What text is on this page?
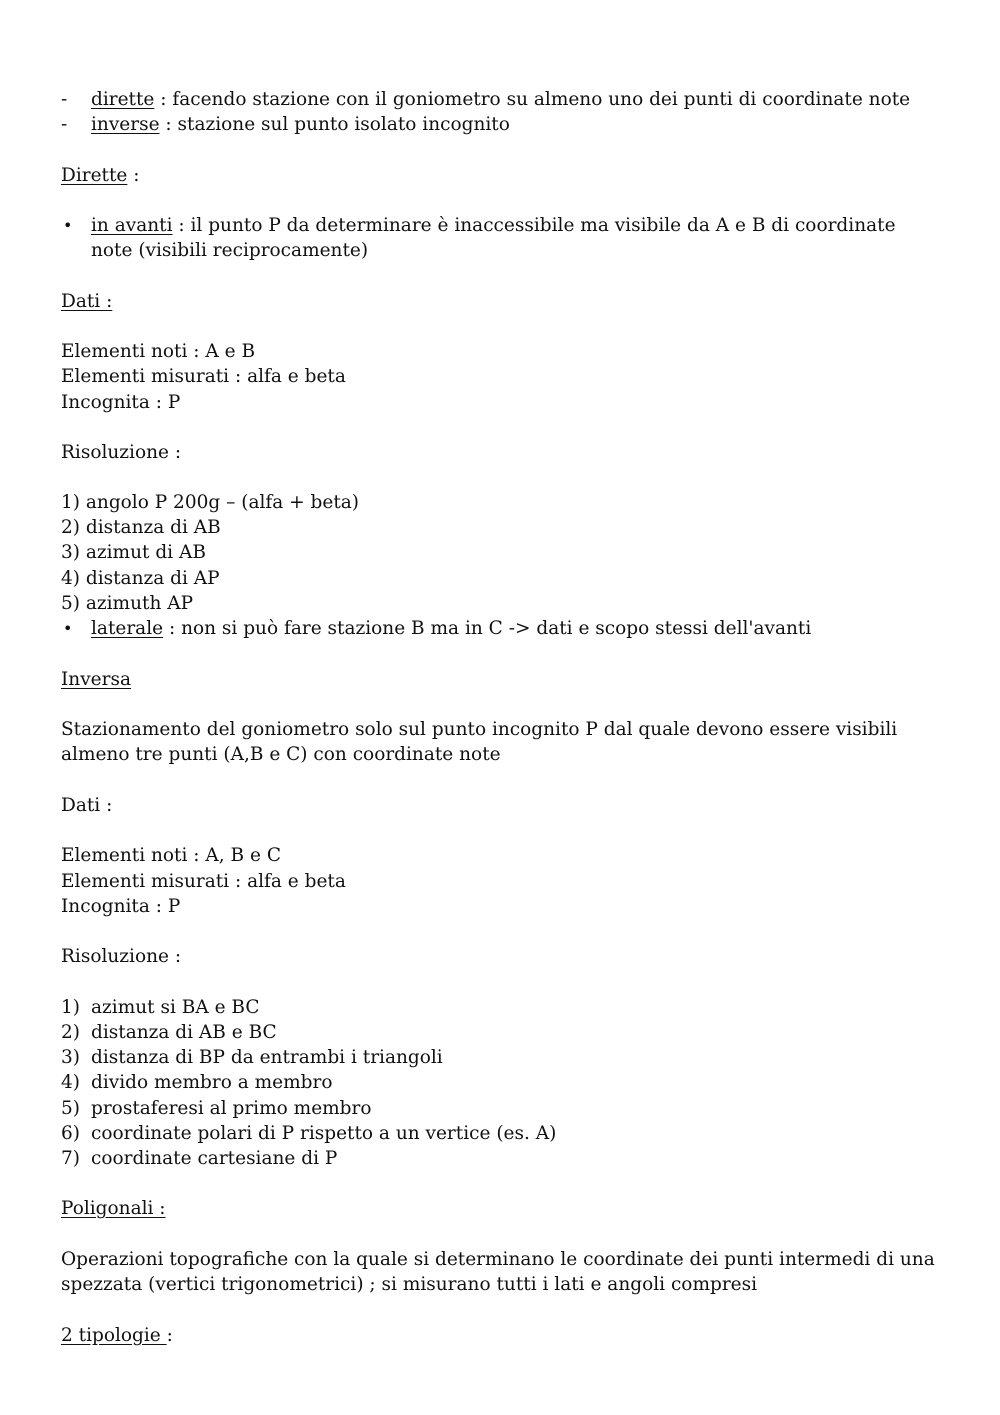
- dirette : facendo stazione con il goniometro su almeno uno dei punti di coordinate note
- inverse : stazione sul punto isolato incognito
Dirette :
• in avanti : il punto P da determinare è inaccessibile ma visibile da A e B di coordinate
note (visibili reciprocamente)
Dati :
Elementi noti : A e B
Elementi misurati : alfa e beta
Incognita : P
Risoluzione :
1) angolo P 200g – (alfa + beta)
2) distanza di AB
3) azimut di AB
4) distanza di AP
5) azimuth AP
• laterale : non si può fare stazione B ma in C -> dati e scopo stessi dell'avanti
Inversa
Stazionamento del goniometro solo sul punto incognito P dal quale devono essere visibili
almeno tre punti (A,B e C) con coordinate note
Dati :
Elementi noti : A, B e C
Elementi misurati : alfa e beta
Incognita : P
Risoluzione :
1) azimut si BA e BC
2) distanza di AB e BC
3) distanza di BP da entrambi i triangoli
4) divido membro a membro
5) prostaferesi al primo membro
6) coordinate polari di P rispetto a un vertice (es. A)
7) coordinate cartesiane di P
Poligonali :
Operazioni topografiche con la quale si determinano le coordinate dei punti intermedi di una
spezzata (vertici trigonometrici) ; si misurano tutti i lati e angoli compresi
2 tipologie :
